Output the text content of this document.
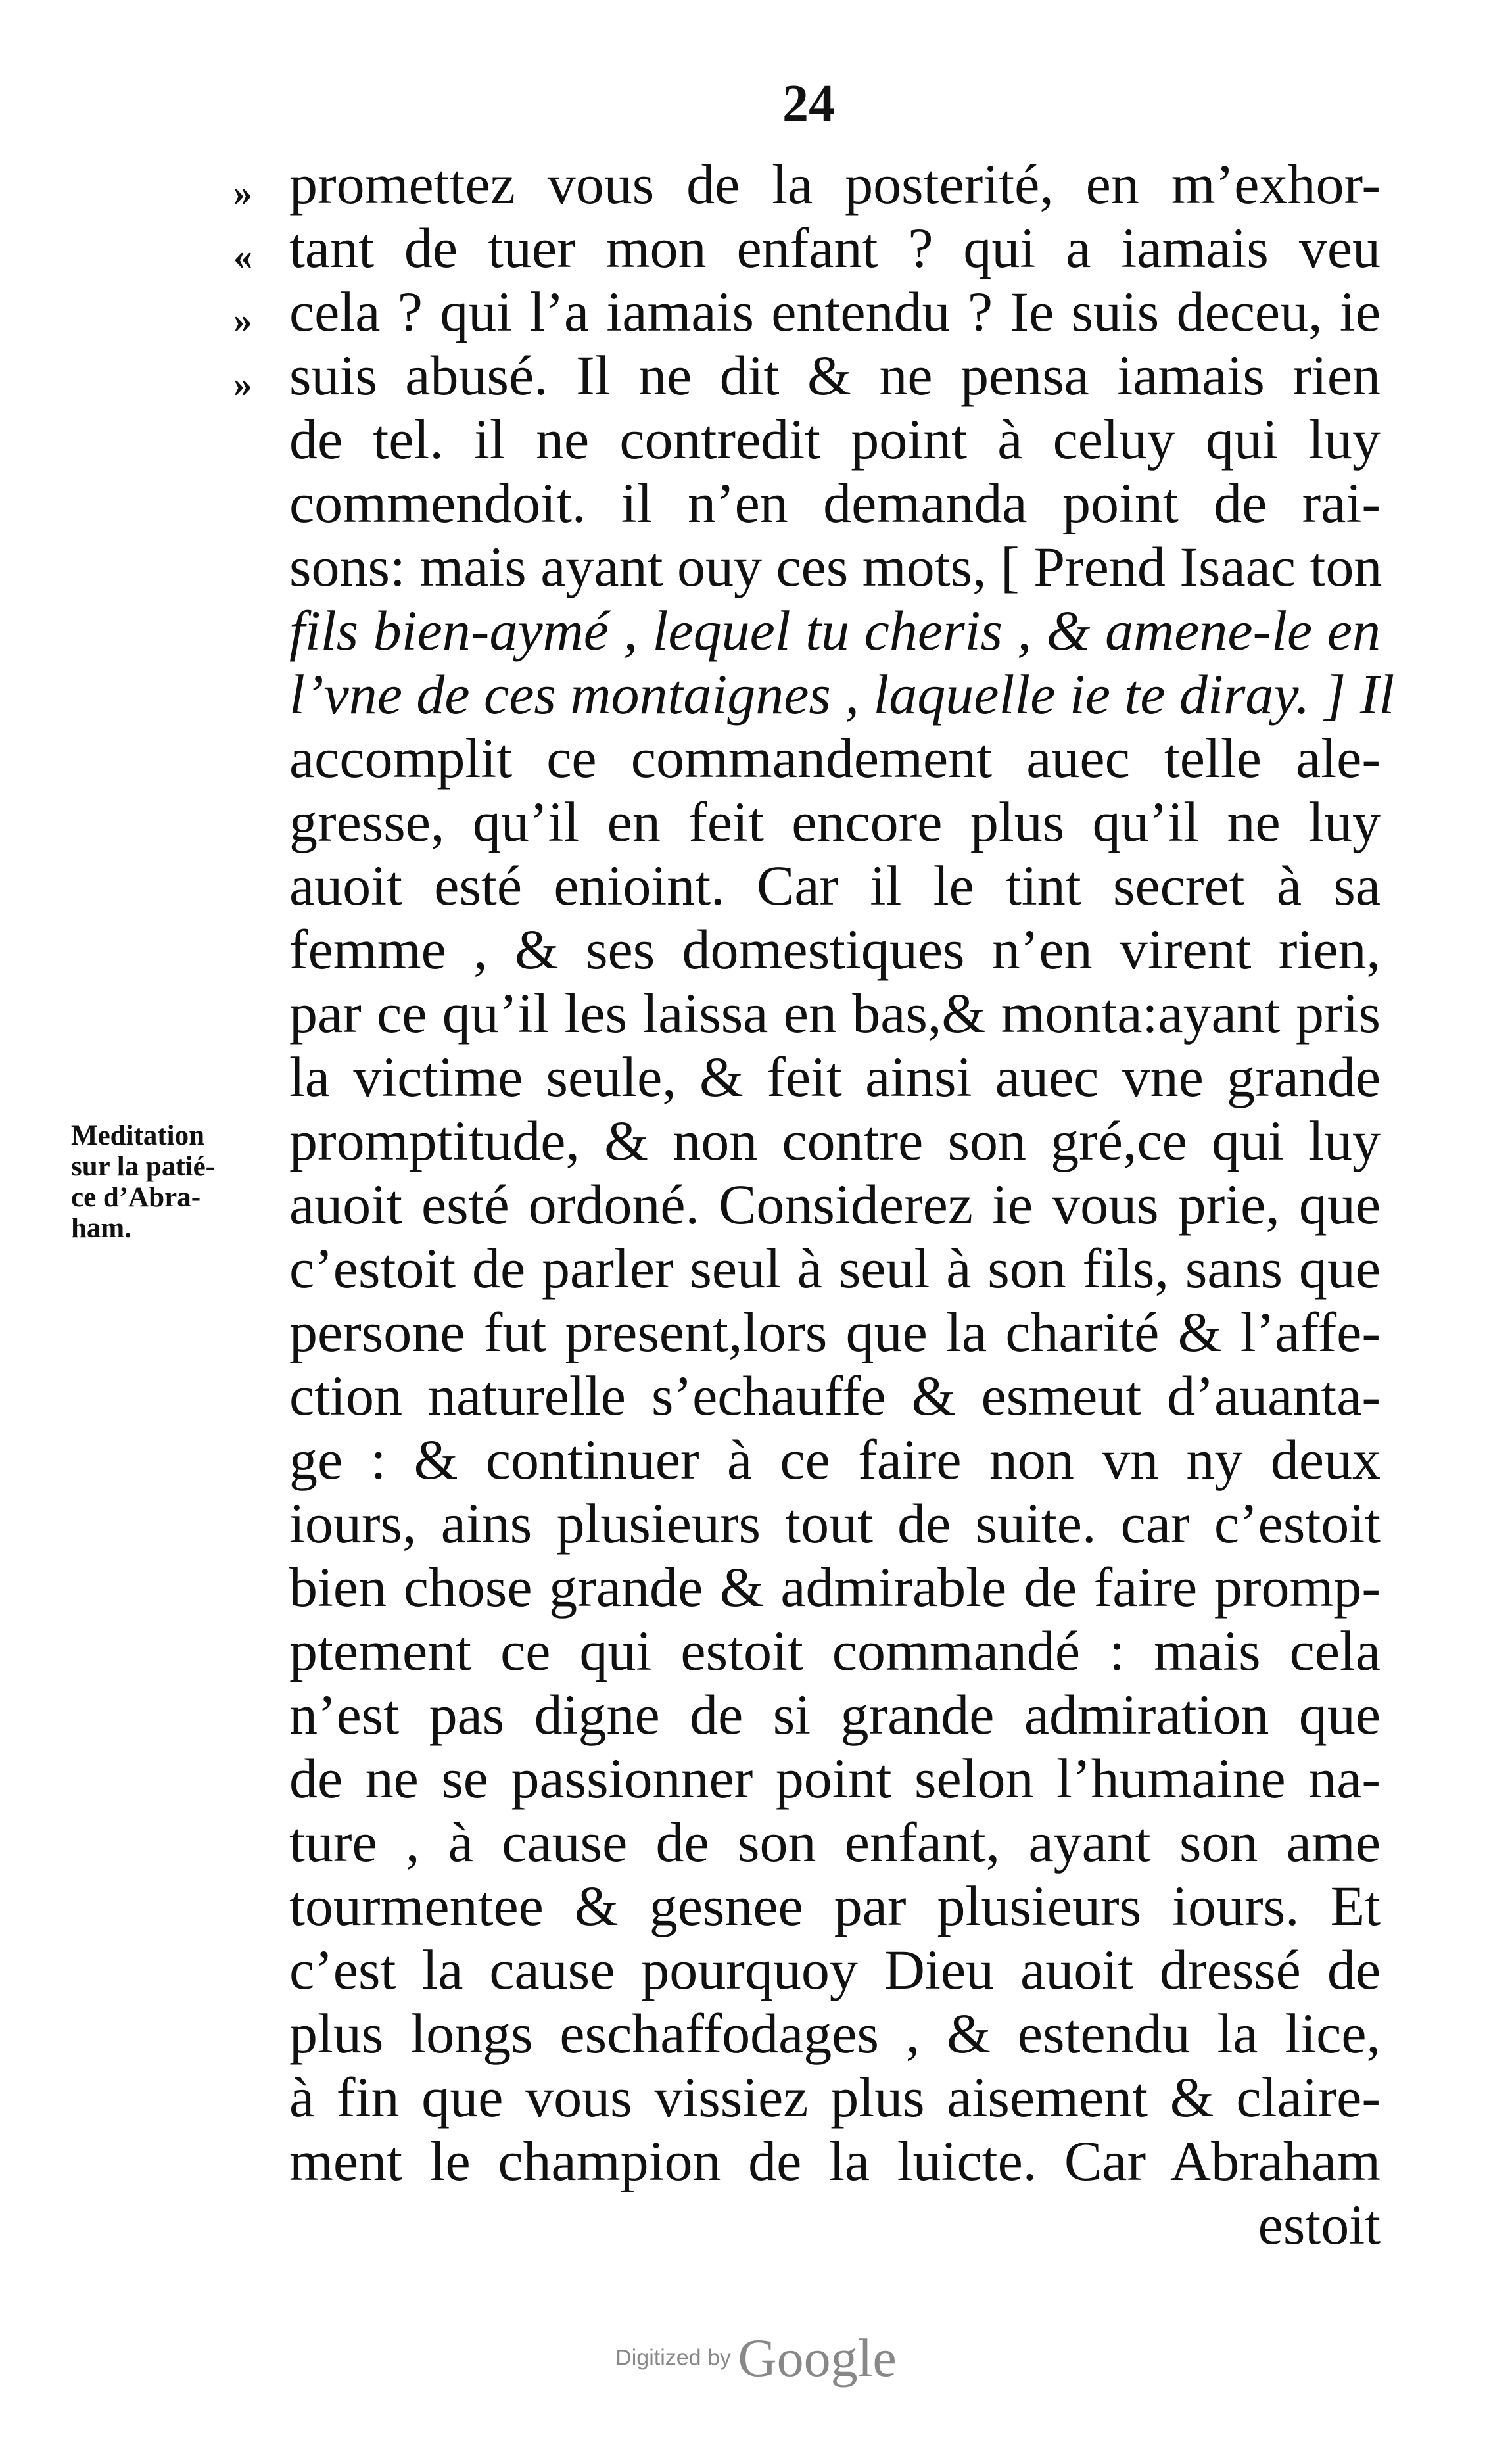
24
»
«
»
»
promettez vous de la posterité, en m’exhor-
tant de tuer mon enfant ? qui a iamais veu
cela ? qui l’a iamais entendu ? Ie suis deceu, ie
suis abusé. Il ne dit & ne pensa iamais rien
de tel. il ne contredit point à celuy qui luy
commendoit. il n’en demanda point de rai-
sons: mais ayant ouy ces mots, [ Prend Isaac ton
fils bien-aymé , lequel tu cheris , & amene-le en
l’vne de ces montaignes , laquelle ie te diray. ] Il
accomplit ce commandement auec telle ale-
gresse, qu’il en feit encore plus qu’il ne luy
auoit esté enioint. Car il le tint secret à sa
femme , & ses domestiques n’en virent rien,
par ce qu’il les laissa en bas,& monta:ayant pris
la victime seule, & feit ainsi auec vne grande
promptitude, & non contre son gré,ce qui luy
auoit esté ordoné. Considerez ie vous prie, que
c’estoit de parler seul à seul à son fils, sans que
persone fut present,lors que la charité & l’affe-
ction naturelle s’echauffe & esmeut d’auanta-
ge : & continuer à ce faire non vn ny deux
iours, ains plusieurs tout de suite. car c’estoit
bien chose grande & admirable de faire promp-
ptement ce qui estoit commandé : mais cela
n’est pas digne de si grande admiration que
de ne se passionner point selon l’humaine na-
ture , à cause de son enfant, ayant son ame
tourmentee & gesnee par plusieurs iours. Et
c’est la cause pourquoy Dieu auoit dressé de
plus longs eschaffodages , & estendu la lice,
à fin que vous vissiez plus aisement & claire-
ment le champion de la luicte. Car Abraham
estoit
Meditation
sur la patié-
ce d’Abra-
ham.
Digitized by Google
